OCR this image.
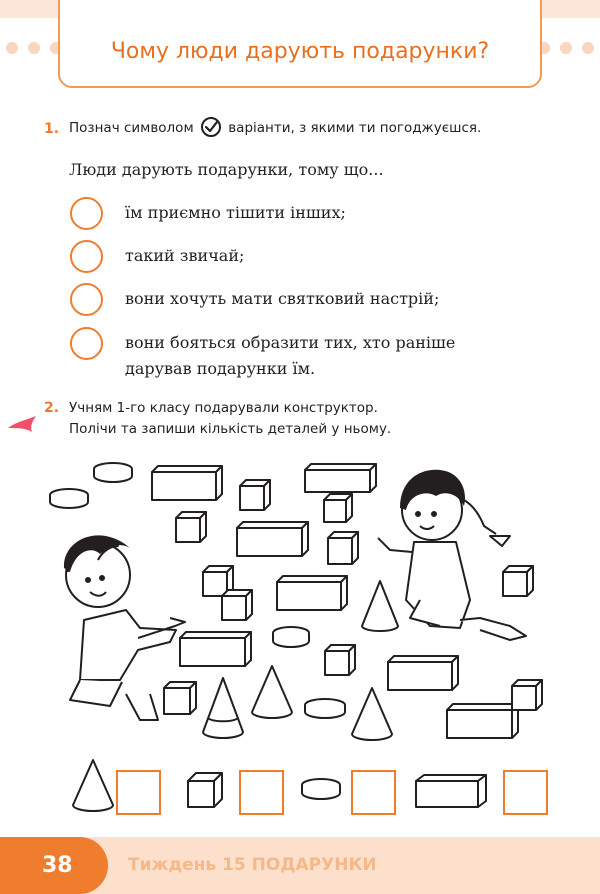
Чому люди дарують подарунки?
1. Познач символом	варіанти, з якими ти погоджуєшся.
Люди дарують подарунки, тому що...
їм приємно тішити інших;
такий звичай;
вони хочуть мати святковий настрій;
вони бояться образити тих, хто раніше дарував подарунки їм.
2. Учням 1-го класу подарували конструктор.
Полічи та запиши кількість деталей у ньому.
38	Тиждень 15 ПОДАРУНКИ
